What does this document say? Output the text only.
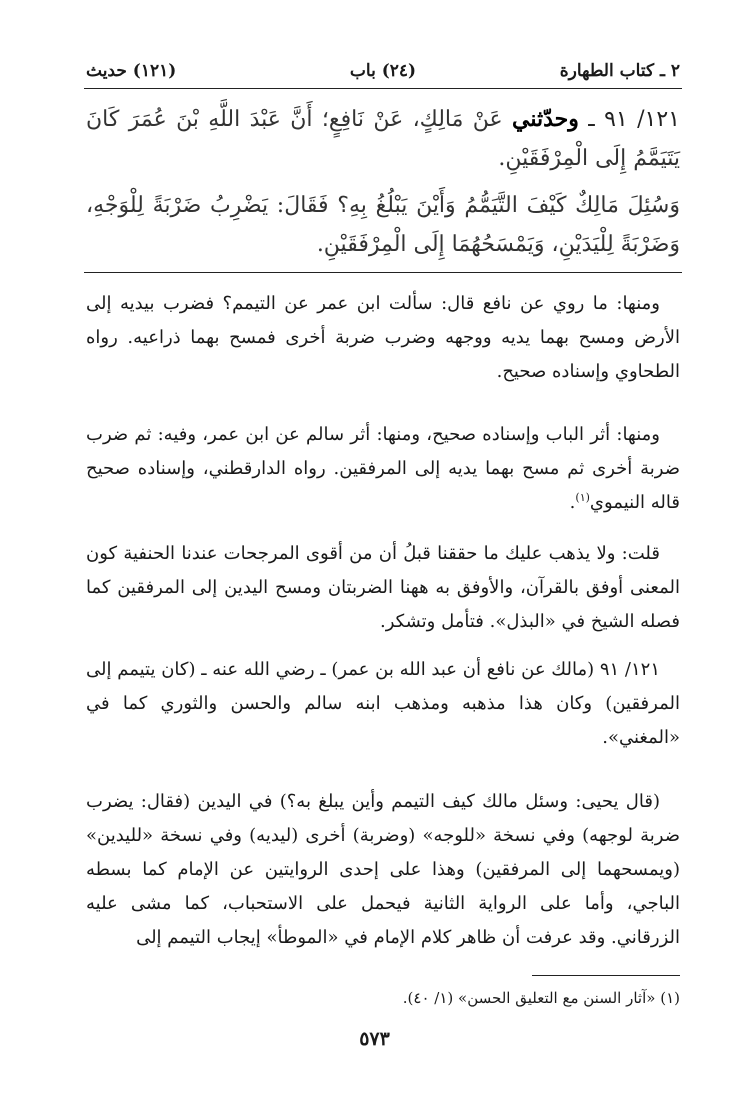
٢ ـ كتاب الطهارة
(٢٤) باب
(١٢١) حديث

١٢١/ ٩١ ـ وحدّثني عَنْ مَالِكٍ، عَنْ نَافِعٍ؛ أَنَّ عَبْدَ اللَّهِ بْنَ عُمَرَ كَانَ يَتَيَمَّمُ إِلَى الْمِرْفَقَيْنِ.

وَسُئِلَ مَالِكٌ كَيْفَ التَّيَمُّمُ وَأَيْنَ يَبْلُغُ بِهِ؟ فَقَالَ: يَضْرِبُ ضَرْبَةً لِلْوَجْهِ، وَضَرْبَةً لِلْيَدَيْنِ، وَيَمْسَحُهُمَا إِلَى الْمِرْفَقَيْنِ.

ومنها: ما روي عن نافع قال: سألت ابن عمر عن التيمم؟ فضرب بيديه إلى الأرض ومسح بهما يديه ووجهه وضرب ضربة أخرى فمسح بهما ذراعيه. رواه الطحاوي وإسناده صحيح.

ومنها: أثر الباب وإسناده صحيح، ومنها: أثر سالم عن ابن عمر، وفيه: ثم ضرب ضربة أخرى ثم مسح بهما يديه إلى المرفقين. رواه الدارقطني، وإسناده صحيح قاله النيموي$^{(١)}$.

قلت: ولا يذهب عليك ما حققنا قبلُ أن من أقوى المرجحات عندنا الحنفية كون المعنى أوفق بالقرآن، والأوفق به ههنا الضربتان ومسح اليدين إلى المرفقين كما فصله الشيخ في «البذل». فتأمل وتشكر.

١٢١/ ٩١ (مالك عن نافع أن عبد الله بن عمر) ـ رضي الله عنه ـ (كان يتيمم إلى المرفقين) وكان هذا مذهبه ومذهب ابنه سالم والحسن والثوري كما في «المغني».

(قال يحيى: وسئل مالك كيف التيمم وأين يبلغ به؟) في اليدين (فقال: يضرب ضربة لوجهه) وفي نسخة «للوجه» (وضربة) أخرى (ليديه) وفي نسخة «لليدين» (ويمسحهما إلى المرفقين) وهذا على إحدى الروايتين عن الإمام كما بسطه الباجي، وأما على الرواية الثانية فيحمل على الاستحباب، كما مشى عليه الزرقاني. وقد عرفت أن ظاهر كلام الإمام في «الموطأ» إيجاب التيمم إلى

(١) «آثار السنن مع التعليق الحسن» (١/ ٤٠).
٥٧٣
